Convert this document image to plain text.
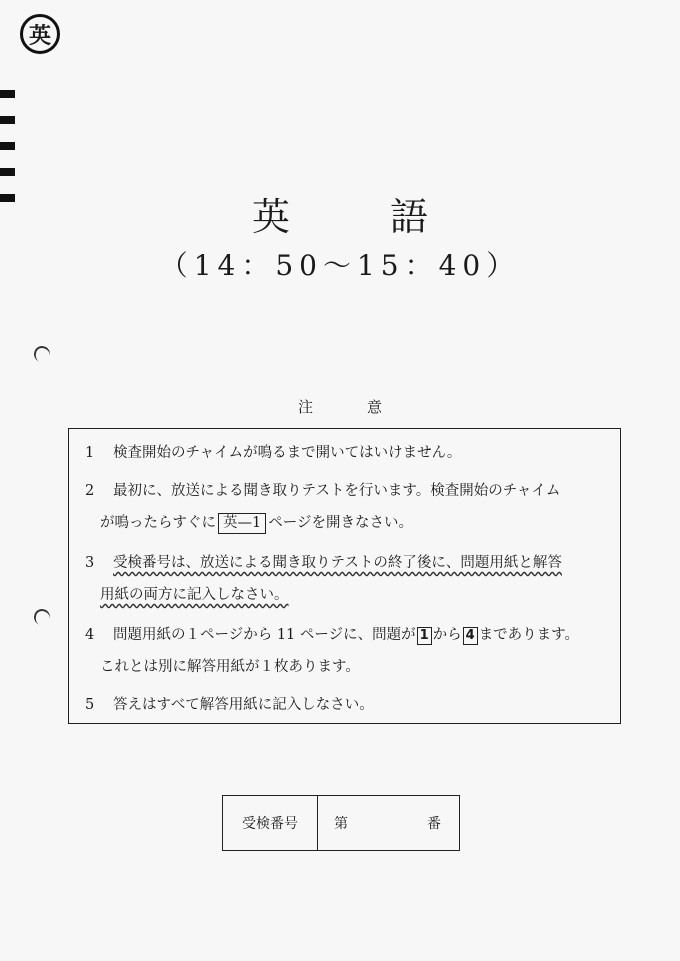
英
英語
（14：50～15：40）
注意
1 検査開始のチャイムが鳴るまで開いてはいけません。
2 最初に、放送による聞き取りテストを行います。検査開始のチャイム
が鳴ったらすぐに 英—1 ページを開きなさい。
3 受検番号は、放送による聞き取りテストの終了後に、問題用紙と解答
用紙の両方に記入しなさい。
4 問題用紙の１ページから 11 ページに、問題が 1 から 4 まであります。
これとは別に解答用紙が１枚あります。
5 答えはすべて解答用紙に記入しなさい。
受検番号	第	番
